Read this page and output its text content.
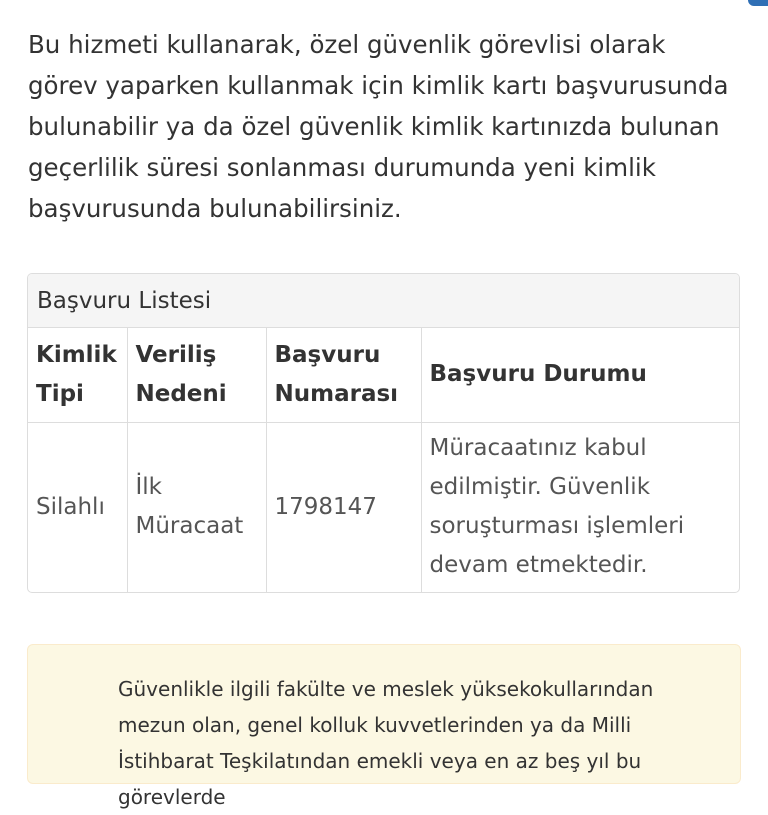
Bu hizmeti kullanarak, özel güvenlik görevlisi olarak görev yaparken kullanmak için kimlik kartı başvurusunda bulunabilir ya da özel güvenlik kimlik kartınızda bulunan geçerlilik süresi sonlanması durumunda yeni kimlik başvurusunda bulunabilirsiniz.

Başvuru Listesi
Kimlik Tipi	Veriliş Nedeni	Başvuru Numarası	Başvuru Durumu
Silahlı	İlk Müracaat	1798147	Müracaatınız kabul edilmiştir. Güvenlik soruşturması işlemleri devam etmektedir.

Güvenlikle ilgili fakülte ve meslek yüksekokullarından mezun olan, genel kolluk kuvvetlerinden ya da Milli İstihbarat Teşkilatından emekli veya en az beş yıl bu görevlerde
